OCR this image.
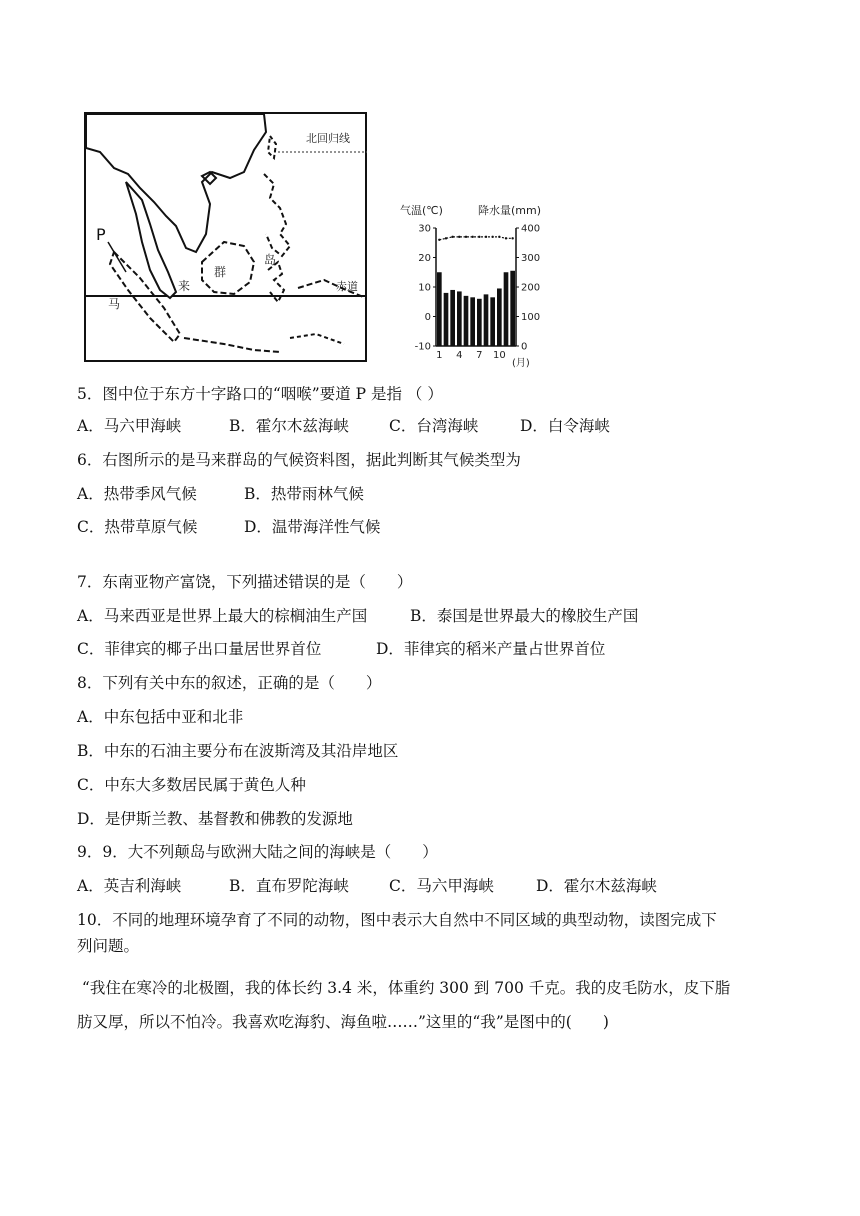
北回归线
赤道
P
马
来
群
岛
气温(℃)	降水量(mm)
(月)
30
20
10
0
-10
400
300
200
100
0
1 4 7 10
5．图中位于东方十字路口的“咽喉”要道 P 是指 （ ）
A．马六甲海峡	B．霍尔木兹海峡	C．台湾海峡	D．白令海峡
6．右图所示的是马来群岛的气候资料图，据此判断其气候类型为
A．热带季风气候	B．热带雨林气候
C．热带草原气候	D．温带海洋性气候
7．东南亚物产富饶，下列描述错误的是（　　）
A．马来西亚是世界上最大的棕榈油生产国	B．泰国是世界最大的橡胶生产国
C．菲律宾的椰子出口量居世界首位	D．菲律宾的稻米产量占世界首位
8．下列有关中东的叙述，正确的是（　　）
A．中东包括中亚和北非
B．中东的石油主要分布在波斯湾及其沿岸地区
C．中东大多数居民属于黄色人种
D．是伊斯兰教、基督教和佛教的发源地
9．9．大不列颠岛与欧洲大陆之间的海峡是（　　）
A．英吉利海峡	B．直布罗陀海峡	C．马六甲海峡	D．霍尔木兹海峡
10．不同的地理环境孕育了不同的动物，图中表示大自然中不同区域的典型动物，读图完成下
列问题。
“我住在寒冷的北极圈，我的体长约 3.4 米，体重约 300 到 700 千克。我的皮毛防水，皮下脂
肪又厚，所以不怕冷。我喜欢吃海豹、海鱼啦……”这里的“我”是图中的(　　)
